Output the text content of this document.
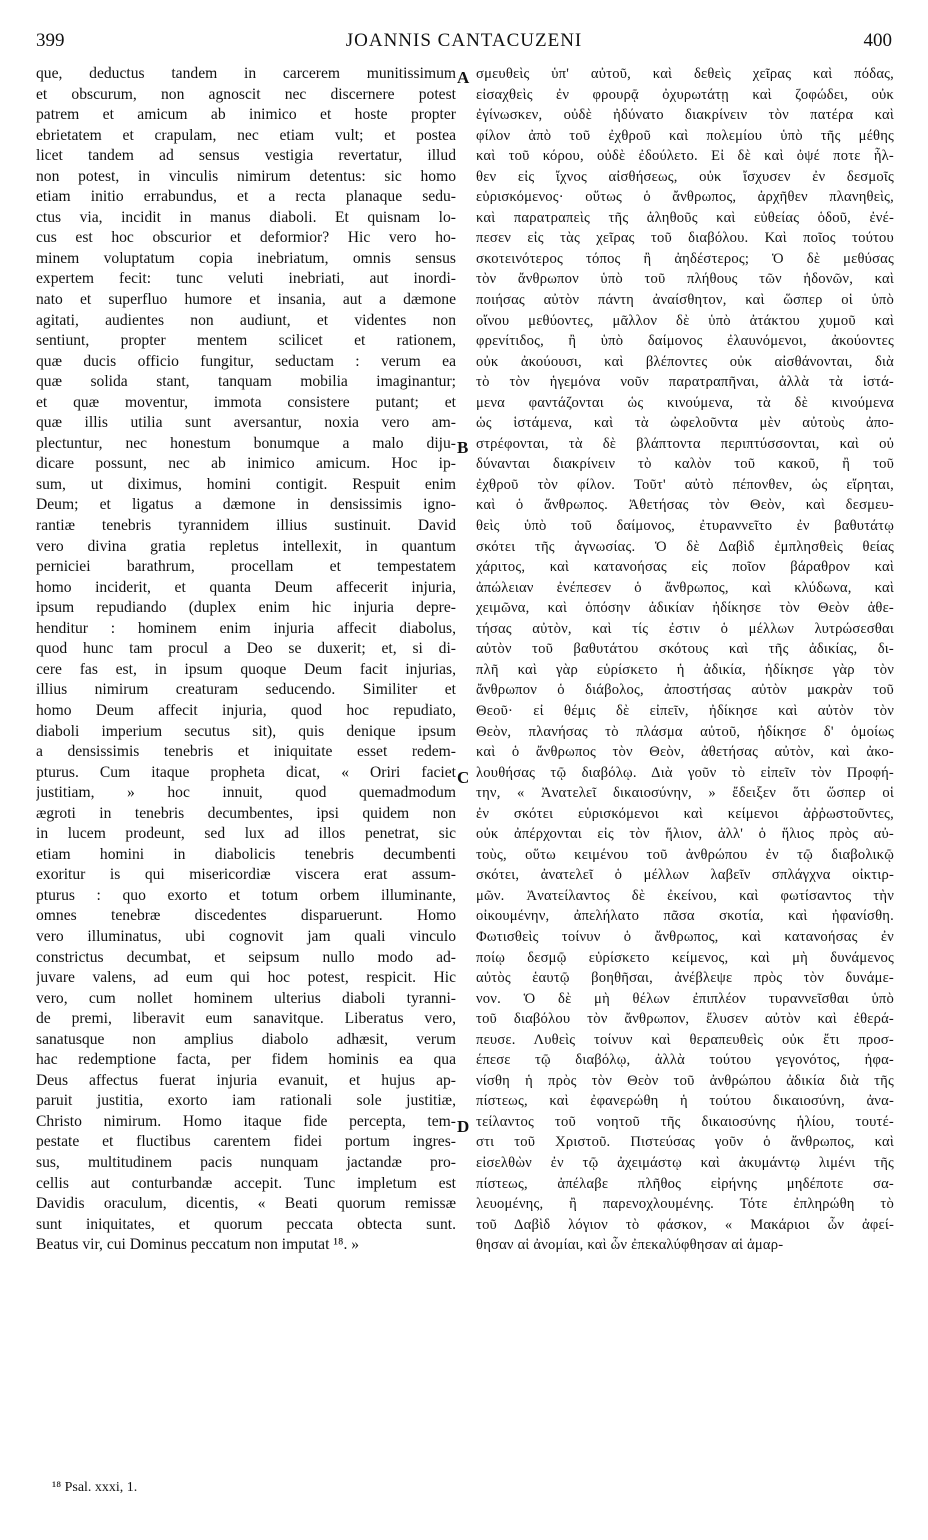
399	JOANNIS CANTACUZENI	400
que, deductus tandem in carcerem munitissimum
et obscurum, non agnoscit nec discernere potest
patrem et amicum ab inimico et hoste propter
ebrietatem et crapulam, nec etiam vult; et postea
licet tandem ad sensus vestigia revertatur, illud
non potest, in vinculis nimirum detentus: sic homo
etiam initio errabundus, et a recta planaque sedu-
ctus via, incidit in manus diaboli. Et quisnam lo-
cus est hoc obscurior et deformior? Hic vero ho-
minem voluptatum copia inebriatum, omnis sensus
expertem fecit: tunc veluti inebriati, aut inordi-
nato et superfluo humore et insania, aut a dæmone
agitati, audientes non audiunt, et videntes non
sentiunt, propter mentem scilicet et rationem,
quæ ducis officio fungitur, seductam : verum ea
quæ solida stant, tanquam mobilia imaginantur;
et quæ moventur, immota consistere putant; et
quæ illis utilia sunt aversantur, noxia vero am-
plectuntur, nec honestum bonumque a malo diju-
dicare possunt, nec ab inimico amicum. Hoc ip-
sum, ut diximus, homini contigit. Respuit enim
Deum; et ligatus a dæmone in densissimis igno-
rantiæ tenebris tyrannidem illius sustinuit. David
vero divina gratia repletus intellexit, in quantum
perniciei barathrum, procellam et tempestatem
homo inciderit, et quanta Deum affecerit injuria,
ipsum repudiando (duplex enim hic injuria depre-
henditur : hominem enim injuria affecit diabolus,
quod hunc tam procul a Deo se duxerit; et, si di-
cere fas est, in ipsum quoque Deum facit injurias,
illius nimirum creaturam seducendo. Similiter et
homo Deum affecit injuria, quod hoc repudiato,
diaboli imperium secutus sit), quis denique ipsum
a densissimis tenebris et iniquitate esset redem-
pturus. Cum itaque propheta dicat, « Oriri faciet
justitiam, » hoc innuit, quod quemadmodum
ægroti in tenebris decumbentes, ipsi quidem non
in lucem prodeunt, sed lux ad illos penetrat, sic
etiam homini in diabolicis tenebris decumbenti
exoritur is qui misericordiæ viscera erat assum-
pturus : quo exorto et totum orbem illuminante,
omnes tenebræ discedentes disparuerunt. Homo
vero illuminatus, ubi cognovit jam quali vinculo
constrictus decumbat, et seipsum nullo modo ad-
juvare valens, ad eum qui hoc potest, respicit. Hic
vero, cum nollet hominem ulterius diaboli tyranni-
de premi, liberavit eum sanavitque. Liberatus vero,
sanatusque non amplius diabolo adhæsit, verum
hac redemptione facta, per fidem hominis ea qua
Deus affectus fuerat injuria evanuit, et hujus ap-
paruit justitia, exorto iam rationali sole justitiæ,
Christo nimirum. Homo itaque fide percepta, tem-
pestate et fluctibus carentem fidei portum ingres-
sus, multitudinem pacis nunquam jactandæ pro-
cellis aut conturbandæ accepit. Tunc impletum est
Davidis oraculum, dicentis, « Beati quorum remissæ
sunt iniquitates, et quorum peccata obtecta sunt.
Beatus vir, cui Dominus peccatum non imputat ¹⁸. »
σμευθεὶς ὑπ' αὐτοῦ, καὶ δεθεὶς χεῖρας καὶ πόδας,
εἰσαχθεὶς ἐν φρουρᾷ ὀχυρωτάτῃ καὶ ζοφώδει, οὐκ
ἐγίνωσκεν, οὐδὲ ἠδύνατο διακρίνειν τὸν πατέρα καὶ
φίλον ἀπὸ τοῦ ἐχθροῦ καὶ πολεμίου ὑπὸ τῆς μέθης
καὶ τοῦ κόρου, οὐδὲ ἐδούλετο. Εἰ δὲ καὶ ὀψέ ποτε ἧλ-
θεν εἰς ἴχνος αἰσθήσεως, οὐκ ἴσχυσεν ἐν δεσμοῖς
εὑρισκόμενος· οὕτως ὁ ἄνθρωπος, ἀρχῆθεν πλανηθεὶς,
καὶ παρατραπεὶς τῆς ἀληθοῦς καὶ εὐθείας ὁδοῦ, ἐνέ-
πεσεν εἰς τὰς χεῖρας τοῦ διαβόλου. Καὶ ποῖος τούτου
σκοτεινότερος τόπος ἢ ἀηδέστερος; Ὁ δὲ μεθύσας
τὸν ἄνθρωπον ὑπὸ τοῦ πλήθους τῶν ἡδονῶν, καὶ
ποιήσας αὐτὸν πάντη ἀναίσθητον, καὶ ὥσπερ οἱ ὑπὸ
οἴνου μεθύοντες, μᾶλλον δὲ ὑπὸ ἀτάκτου χυμοῦ καὶ
φρενίτιδος, ἢ ὑπὸ δαίμονος ἐλαυνόμενοι, ἀκούοντες
οὐκ ἀκούουσι, καὶ βλέποντες οὐκ αἰσθάνονται, διὰ
τὸ τὸν ἡγεμόνα νοῦν παρατραπῆναι, ἀλλὰ τὰ ἱστά-
μενα φαντάζονται ὡς κινούμενα, τὰ δὲ κινούμενα
ὡς ἱστάμενα, καὶ τὰ ὠφελοῦντα μὲν αὐτοὺς ἀπο-
στρέφονται, τὰ δὲ βλάπτοντα περιπτύσσονται, καὶ οὐ
δύνανται διακρίνειν τὸ καλὸν τοῦ κακοῦ, ἢ τοῦ
ἐχθροῦ τὸν φίλον. Τοῦτ' αὐτὸ πέπονθεν, ὡς εἴρηται,
καὶ ὁ ἄνθρωπος. Ἀθετήσας τὸν Θεὸν, καὶ δεσμευ-
θεὶς ὑπὸ τοῦ δαίμονος, ἐτυραννεῖτο ἐν βαθυτάτῳ
σκότει τῆς ἀγνωσίας. Ὁ δὲ Δαβὶδ ἐμπλησθεὶς θείας
χάριτος, καὶ κατανοήσας εἰς ποῖον βάραθρον καὶ
ἀπώλειαν ἐνέπεσεν ὁ ἄνθρωπος, καὶ κλύδωνα, καὶ
χειμῶνα, καὶ ὁπόσην ἀδικίαν ἠδίκησε τὸν Θεὸν ἀθε-
τήσας αὐτὸν, καὶ τίς ἐστιν ὁ μέλλων λυτρώσεσθαι
αὐτὸν τοῦ βαθυτάτου σκότους καὶ τῆς ἀδικίας, δι-
πλῆ καὶ γὰρ εὑρίσκετο ἡ ἀδικία, ἠδίκησε γὰρ τὸν
ἄνθρωπον ὁ διάβολος, ἀποστήσας αὐτὸν μακρὰν τοῦ
Θεοῦ· εἰ θέμις δὲ εἰπεῖν, ἠδίκησε καὶ αὐτὸν τὸν
Θεὸν, πλανήσας τὸ πλάσμα αὐτοῦ, ἠδίκησε δ' ὁμοίως
καὶ ὁ ἄνθρωπος τὸν Θεὸν, ἀθετήσας αὐτὸν, καὶ ἀκο-
λουθήσας τῷ διαβόλῳ. Διὰ γοῦν τὸ εἰπεῖν τὸν Προφή-
την, « Ἀνατελεῖ δικαιοσύνην, » ἔδειξεν ὅτι ὥσπερ οἱ
ἐν σκότει εὑρισκόμενοι καὶ κείμενοι ἀῤῥωστοῦντες,
οὐκ ἀπέρχονται εἰς τὸν ἥλιον, ἀλλ' ὁ ἥλιος πρὸς αὐ-
τοὺς, οὕτω κειμένου τοῦ ἀνθρώπου ἐν τῷ διαβολικῷ
σκότει, ἀνατελεῖ ὁ μέλλων λαβεῖν σπλάγχνα οἰκτιρ-
μῶν. Ἀνατείλαντος δὲ ἐκείνου, καὶ φωτίσαντος τὴν
οἰκουμένην, ἀπελήλατο πᾶσα σκοτία, καὶ ἠφανίσθη.
Φωτισθεὶς τοίνυν ὁ ἄνθρωπος, καὶ κατανοήσας ἐν
ποίῳ δεσμῷ εὑρίσκετο κείμενος, καὶ μὴ δυνάμενος
αὐτὸς ἑαυτῷ βοηθῆσαι, ἀνέβλεψε πρὸς τὸν δυνάμε-
νον. Ὁ δὲ μὴ θέλων ἐπιπλέον τυραννεῖσθαι ὑπὸ
τοῦ διαβόλου τὸν ἄνθρωπον, ἔλυσεν αὐτὸν καὶ ἐθερά-
πευσε. Λυθεὶς τοίνυν καὶ θεραπευθεὶς οὐκ ἔτι προσ-
έπεσε τῷ διαβόλῳ, ἀλλὰ τούτου γεγονότος, ἠφα-
νίσθη ἡ πρὸς τὸν Θεὸν τοῦ ἀνθρώπου ἀδικία διὰ τῆς
πίστεως, καὶ ἐφανερώθη ἡ τούτου δικαιοσύνη, ἀνα-
τείλαντος τοῦ νοητοῦ τῆς δικαιοσύνης ἡλίου, τουτέ-
στι τοῦ Χριστοῦ. Πιστεύσας γοῦν ὁ ἄνθρωπος, καὶ
εἰσελθὼν ἐν τῷ ἀχειμάστῳ καὶ ἀκυμάντῳ λιμένι τῆς
πίστεως, ἀπέλαβε πλῆθος εἰρήνης μηδέποτε σα-
λευομένης, ἢ παρενοχλουμένης. Τότε ἐπληρώθη τὸ
τοῦ Δαβὶδ λόγιον τὸ φάσκον, « Μακάριοι ὧν ἀφεί-
θησαν αἱ ἀνομίαι, καὶ ὧν ἐπεκαλύφθησαν αἱ ἁμαρ-
A
B
C
D
¹⁸ Psal. xxxi, 1.
